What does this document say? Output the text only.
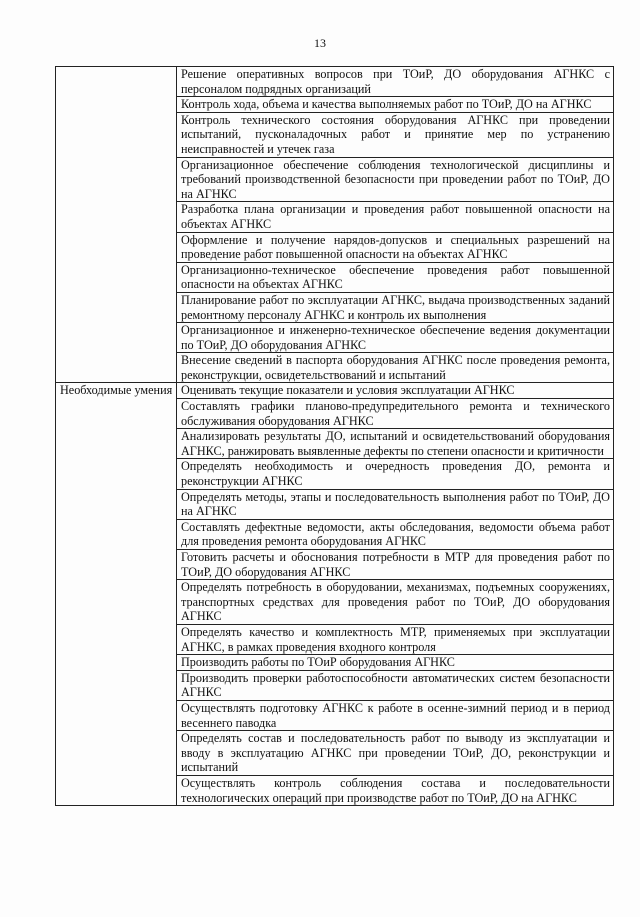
13
	Решение оперативных вопросов при ТОиР, ДО оборудования АГНКС с персоналом подрядных организаций
	Контроль хода, объема и качества выполняемых работ по ТОиР, ДО на АГНКС
	Контроль технического состояния оборудования АГНКС при проведении испытаний, пусконаладочных работ и принятие мер по устранению неисправностей и утечек газа
	Организационное обеспечение соблюдения технологической дисциплины и требований производственной безопасности при проведении работ по ТОиР, ДО на АГНКС
	Разработка плана организации и проведения работ повышенной опасности на объектах АГНКС
	Оформление и получение нарядов-допусков и специальных разрешений на проведение работ повышенной опасности на объектах АГНКС
	Организационно-техническое обеспечение проведения работ повышенной опасности на объектах АГНКС
	Планирование работ по эксплуатации АГНКС, выдача производственных заданий ремонтному персоналу АГНКС и контроль их выполнения
	Организационное и инженерно-техническое обеспечение ведения документации по ТОиР, ДО оборудования АГНКС
	Внесение сведений в паспорта оборудования АГНКС после проведения ремонта, реконструкции, освидетельствований и испытаний
Необходимые умения	Оценивать текущие показатели и условия эксплуатации АГНКС
	Составлять графики планово-предупредительного ремонта и технического обслуживания оборудования АГНКС
	Анализировать результаты ДО, испытаний и освидетельствований оборудования АГНКС, ранжировать выявленные дефекты по степени опасности и критичности
	Определять необходимость и очередность проведения ДО, ремонта и реконструкции АГНКС
	Определять методы, этапы и последовательность выполнения работ по ТОиР, ДО на АГНКС
	Составлять дефектные ведомости, акты обследования, ведомости объема работ для проведения ремонта оборудования АГНКС
	Готовить расчеты и обоснования потребности в МТР для проведения работ по ТОиР, ДО оборудования АГНКС
	Определять потребность в оборудовании, механизмах, подъемных сооружениях, транспортных средствах для проведения работ по ТОиР, ДО оборудования АГНКС
	Определять качество и комплектность МТР, применяемых при эксплуатации АГНКС, в рамках проведения входного контроля
	Производить работы по ТОиР оборудования АГНКС
	Производить проверки работоспособности автоматических систем безопасности АГНКС
	Осуществлять подготовку АГНКС к работе в осенне-зимний период и в период весеннего паводка
	Определять состав и последовательность работ по выводу из эксплуатации и вводу в эксплуатацию АГНКС при проведении ТОиР, ДО, реконструкции и испытаний
	Осуществлять контроль соблюдения состава и последовательности технологических операций при производстве работ по ТОиР, ДО на АГНКС
